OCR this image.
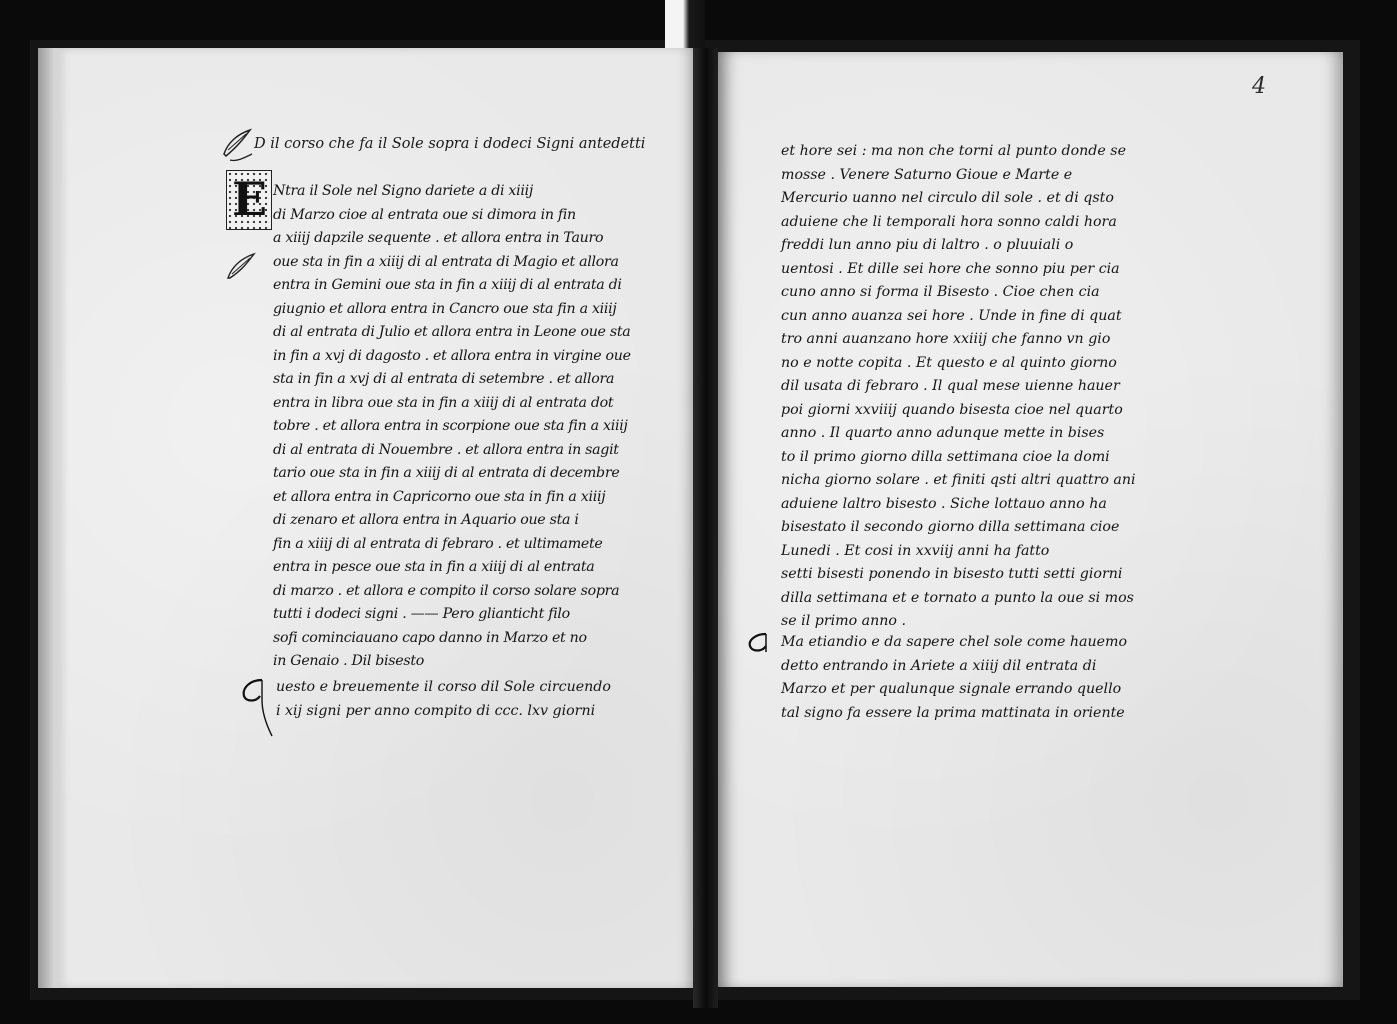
D il corso che fa il Sole sopra i dodeci Signi antedetti
E Ntra il Sole nel Signo dariete a di xiiij
di Marzo cioe al entrata oue si dimora in fin
a xiiij dapzile sequente . et allora entra in Tauro
oue sta in fin a xiiij di al entrata di Magio et allora
entra in Gemini oue sta in fin a xiiij di al entrata di
giugnio et allora entra in Cancro oue sta fin a xiiij
di al entrata di Julio et allora entra in Leone oue sta
in fin a xvj di dagosto . et allora entra in virgine oue
sta in fin a xvj di al entrata di setembre . et allora
entra in libra oue sta in fin a xiiij di al entrata dot
tobre . et allora entra in scorpione oue sta fin a xiiij
di al entrata di Nouembre . et allora entra in sagit
tario oue sta in fin a xiiij di al entrata di decembre
et allora entra in Capricorno oue sta in fin a xiiij
di zenaro et allora entra in Aquario oue sta i
fin a xiiij di al entrata di febraro . et ultimamete
entra in pesce oue sta in fin a xiiij di al entrata
di marzo . et allora e compito il corso solare sopra
tutti i dodeci signi . —— Pero glianticht filo
sofi cominciauano capo danno in Marzo et no
in Genaio . Dil bisesto
uesto e breuemente il corso dil Sole circuendo
i xij signi per anno compito di ccc. lxv giorni
4
et hore sei : ma non che torni al punto donde se
mosse . Venere Saturno Gioue e Marte e
Mercurio uanno nel circulo dil sole . et di qsto
aduiene che li temporali hora sonno caldi hora
freddi lun anno piu di laltro . o pluuiali o
uentosi . Et dille sei hore che sonno piu per cia
cuno anno si forma il Bisesto . Cioe chen cia
cun anno auanza sei hore . Unde in fine di quat
tro anni auanzano hore xxiiij che fanno vn gio
no e notte copita . Et questo e al quinto giorno
dil usata di febraro . Il qual mese uienne hauer
poi giorni xxviiij quando bisesta cioe nel quarto
anno . Il quarto anno adunque mette in bises
to il primo giorno dilla settimana cioe la domi
nicha giorno solare . et finiti qsti altri quattro ani
aduiene laltro bisesto . Siche lottauo anno ha
bisestato il secondo giorno dilla settimana cioe
Lunedi . Et cosi in xxviij anni ha fatto
setti bisesti ponendo in bisesto tutti setti giorni
dilla settimana et e tornato a punto la oue si mos
se il primo anno .
Ma etiandio e da sapere chel sole come hauemo
detto entrando in Ariete a xiiij dil entrata di
Marzo et per qualunque signale errando quello
tal signo fa essere la prima mattinata in oriente
